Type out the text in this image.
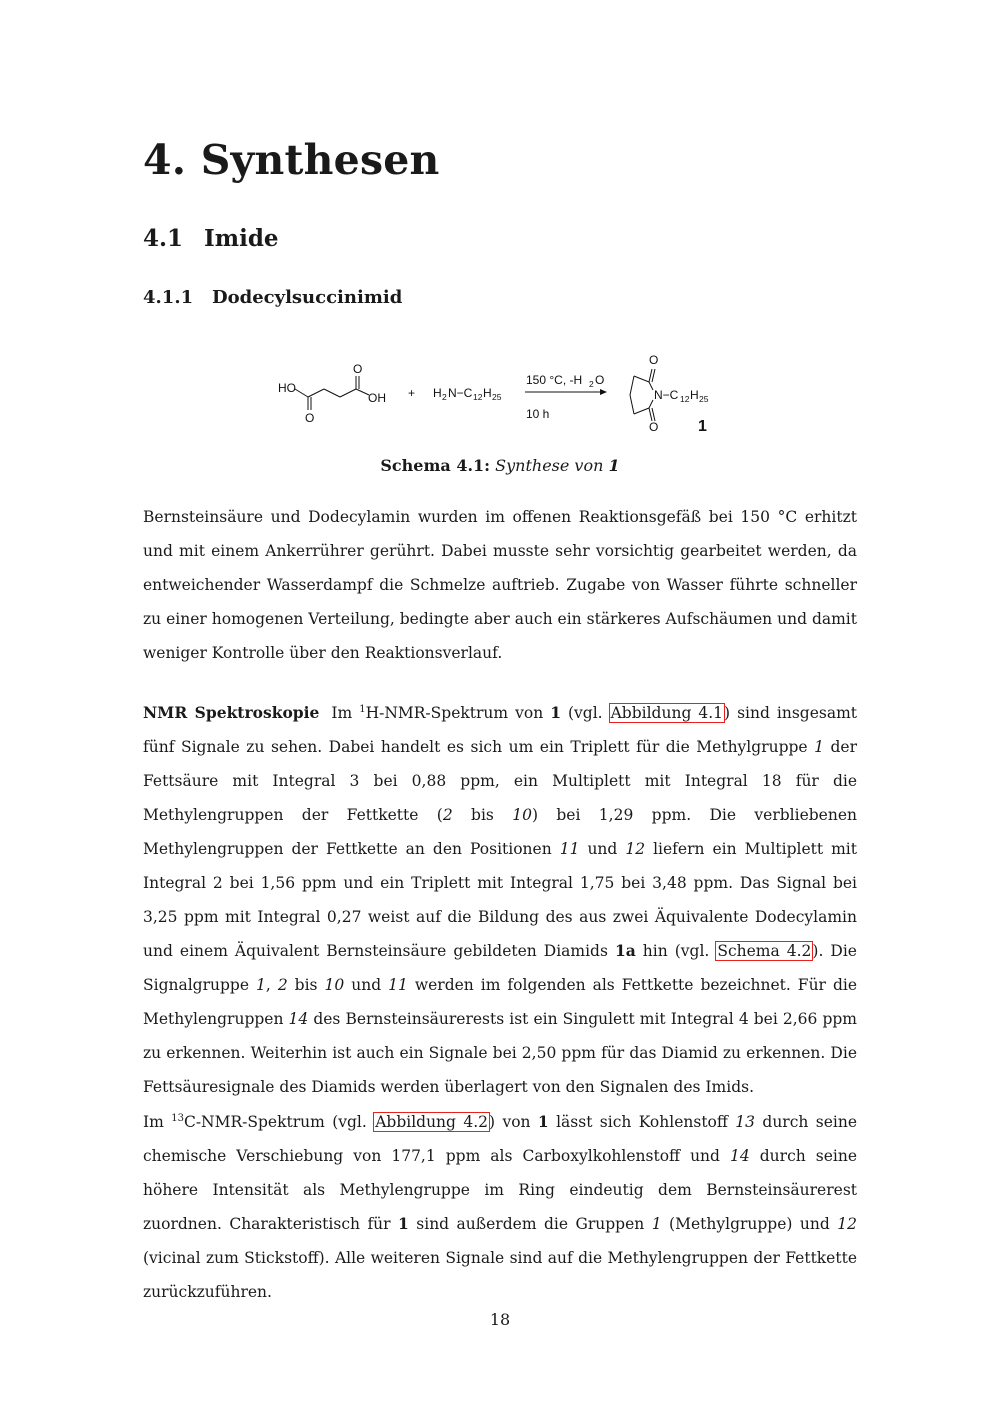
4. Synthesen
4.1 Imide
4.1.1 Dodecylsuccinimid
HO
OH
O
O
+ H 2 N−C 12 H 25
150 °C, -H 2 O
10 h
O
O
N−C 12 H 25
1
Schema 4.1: Synthese von 1

Bernsteinsäure und Dodecylamin wurden im offenen Reaktionsgefäß bei 150 °C erhitzt und mit einem Ankerrührer gerührt. Dabei musste sehr vorsichtig gearbeitet werden, da entweichender Wasserdampf die Schmelze auftrieb. Zugabe von Wasser führte schneller zu einer homogenen Verteilung, bedingte aber auch ein stärkeres Aufschäumen und damit weniger Kontrolle über den Reaktionsverlauf.

NMR Spektroskopie Im $^1$H-NMR-Spektrum von 1 (vgl. Abbildung 4.1) sind insgesamt fünf Signale zu sehen. Dabei handelt es sich um ein Triplett für die Methylgruppe 1 der Fettsäure mit Integral 3 bei 0,88 ppm, ein Multiplett mit Integral 18 für die Methylengruppen der Fettkette (2 bis 10) bei 1,29 ppm. Die verbliebenen Methylengruppen der Fettkette an den Positionen 11 und 12 liefern ein Multiplett mit Integral 2 bei 1,56 ppm und ein Triplett mit Integral 1,75 bei 3,48 ppm. Das Signal bei 3,25 ppm mit Integral 0,27 weist auf die Bildung des aus zwei Äquivalente Dodecylamin und einem Äquivalent Bernsteinsäure gebildeten Diamids 1a hin (vgl. Schema 4.2). Die Signalgruppe 1, 2 bis 10 und 11 werden im folgenden als Fettkette bezeichnet. Für die Methylengruppen 14 des Bernsteinsäurerests ist ein Singulett mit Integral 4 bei 2,66 ppm zu erkennen. Weiterhin ist auch ein Signale bei 2,50 ppm für das Diamid zu erkennen. Die Fettsäuresignale des Diamids werden überlagert von den Signalen des Imids.

Im $^{13}$C-NMR-Spektrum (vgl. Abbildung 4.2) von 1 lässt sich Kohlenstoff 13 durch seine chemische Verschiebung von 177,1 ppm als Carboxylkohlenstoff und 14 durch seine höhere Intensität als Methylengruppe im Ring eindeutig dem Bernsteinsäurerest zuordnen. Charakteristisch für 1 sind außerdem die Gruppen 1 (Methylgruppe) und 12 (vicinal zum Stickstoff). Alle weiteren Signale sind auf die Methylengruppen der Fettkette zurückzuführen.

18
